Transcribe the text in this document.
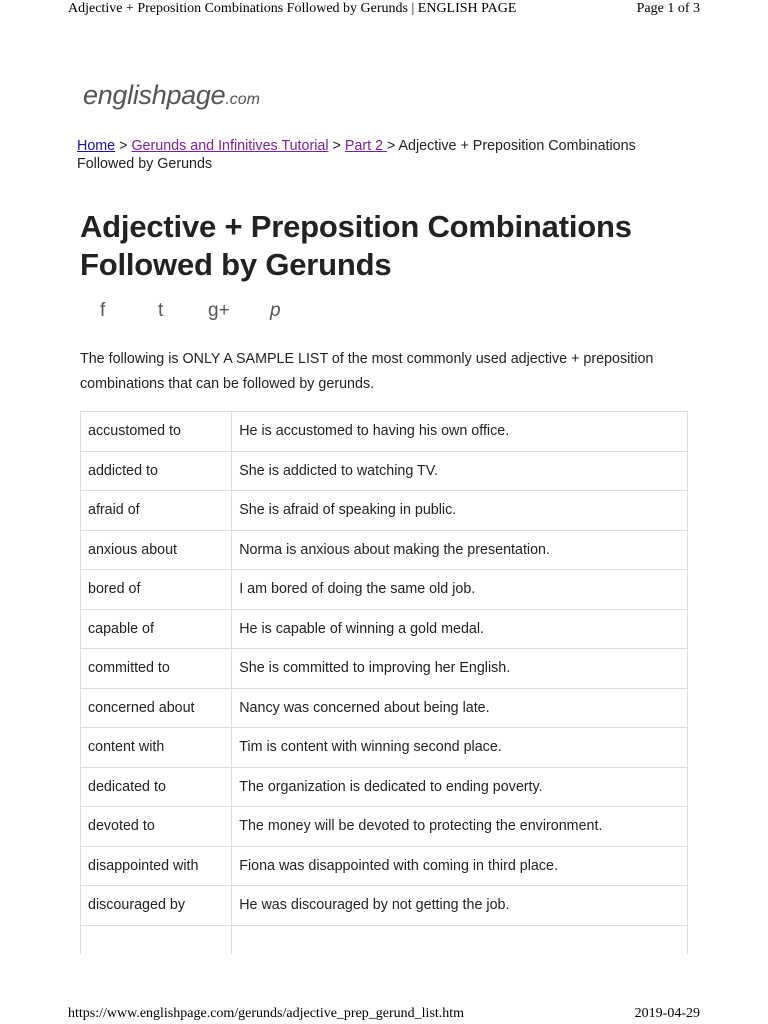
Adjective + Preposition Combinations Followed by Gerunds | ENGLISH PAGE	Page 1 of 3
englishpage.com
Home > Gerunds and Infinitives Tutorial > Part 2 > Adjective + Preposition Combinations Followed by Gerunds
Adjective + Preposition Combinations Followed by Gerunds
f	t g+ p

The following is ONLY A SAMPLE LIST of the most commonly used adjective + preposition combinations that can be followed by gerunds.

accustomed to	He is accustomed to having his own office.
addicted to	She is addicted to watching TV.
afraid of	She is afraid of speaking in public.
anxious about	Norma is anxious about making the presentation.
bored of	I am bored of doing the same old job.
capable of	He is capable of winning a gold medal.
committed to	She is committed to improving her English.
concerned about	Nancy was concerned about being late.
content with	Tim is content with winning second place.
dedicated to	The organization is dedicated to ending poverty.
devoted to	The money will be devoted to protecting the environment.
disappointed with	Fiona was disappointed with coming in third place.
discouraged by	He was discouraged by not getting the job.

https://www.englishpage.com/gerunds/adjective_prep_gerund_list.htm	2019-04-29
